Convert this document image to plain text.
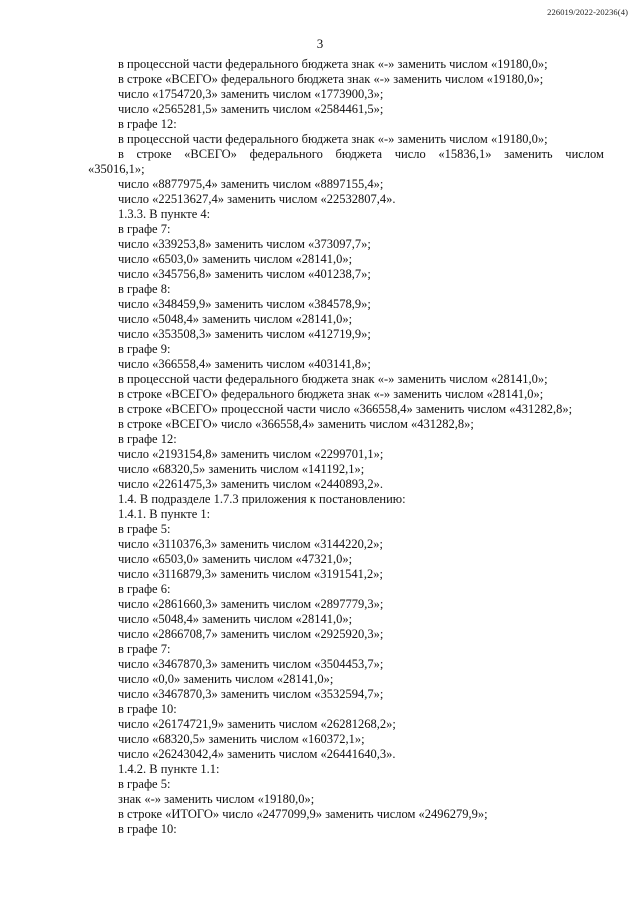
226019/2022-20236(4)
3
в процессной части федерального бюджета знак «-» заменить числом «19180,0»;
в строке «ВСЕГО» федерального бюджета знак «-» заменить числом «19180,0»;
число «1754720,3» заменить числом «1773900,3»;
число «2565281,5» заменить числом «2584461,5»;
в графе 12:
в процессной части федерального бюджета знак «-» заменить числом «19180,0»;
в строке «ВСЕГО» федерального бюджета число «15836,1» заменить числом
«35016,1»;
число «8877975,4» заменить числом «8897155,4»;
число «22513627,4» заменить числом «22532807,4».
1.3.3. В пункте 4:
в графе 7:
число «339253,8» заменить числом «373097,7»;
число «6503,0» заменить числом «28141,0»;
число «345756,8» заменить числом «401238,7»;
в графе 8:
число «348459,9» заменить числом «384578,9»;
число «5048,4» заменить числом «28141,0»;
число «353508,3» заменить числом «412719,9»;
в графе 9:
число «366558,4» заменить числом «403141,8»;
в процессной части федерального бюджета знак «-» заменить числом «28141,0»;
в строке «ВСЕГО» федерального бюджета знак «-» заменить числом «28141,0»;
в строке «ВСЕГО» процессной части число «366558,4» заменить числом «431282,8»;
в строке «ВСЕГО» число «366558,4» заменить числом «431282,8»;
в графе 12:
число «2193154,8» заменить числом «2299701,1»;
число «68320,5» заменить числом «141192,1»;
число «2261475,3» заменить числом «2440893,2».
1.4. В подразделе 1.7.3 приложения к постановлению:
1.4.1. В пункте 1:
в графе 5:
число «3110376,3» заменить числом «3144220,2»;
число «6503,0» заменить числом «47321,0»;
число «3116879,3» заменить числом «3191541,2»;
в графе 6:
число «2861660,3» заменить числом «2897779,3»;
число «5048,4» заменить числом «28141,0»;
число «2866708,7» заменить числом «2925920,3»;
в графе 7:
число «3467870,3» заменить числом «3504453,7»;
число «0,0» заменить числом «28141,0»;
число «3467870,3» заменить числом «3532594,7»;
в графе 10:
число «26174721,9» заменить числом «26281268,2»;
число «68320,5» заменить числом «160372,1»;
число «26243042,4» заменить числом «26441640,3».
1.4.2. В пункте 1.1:
в графе 5:
знак «-» заменить числом «19180,0»;
в строке «ИТОГО» число «2477099,9» заменить числом «2496279,9»;
в графе 10:
